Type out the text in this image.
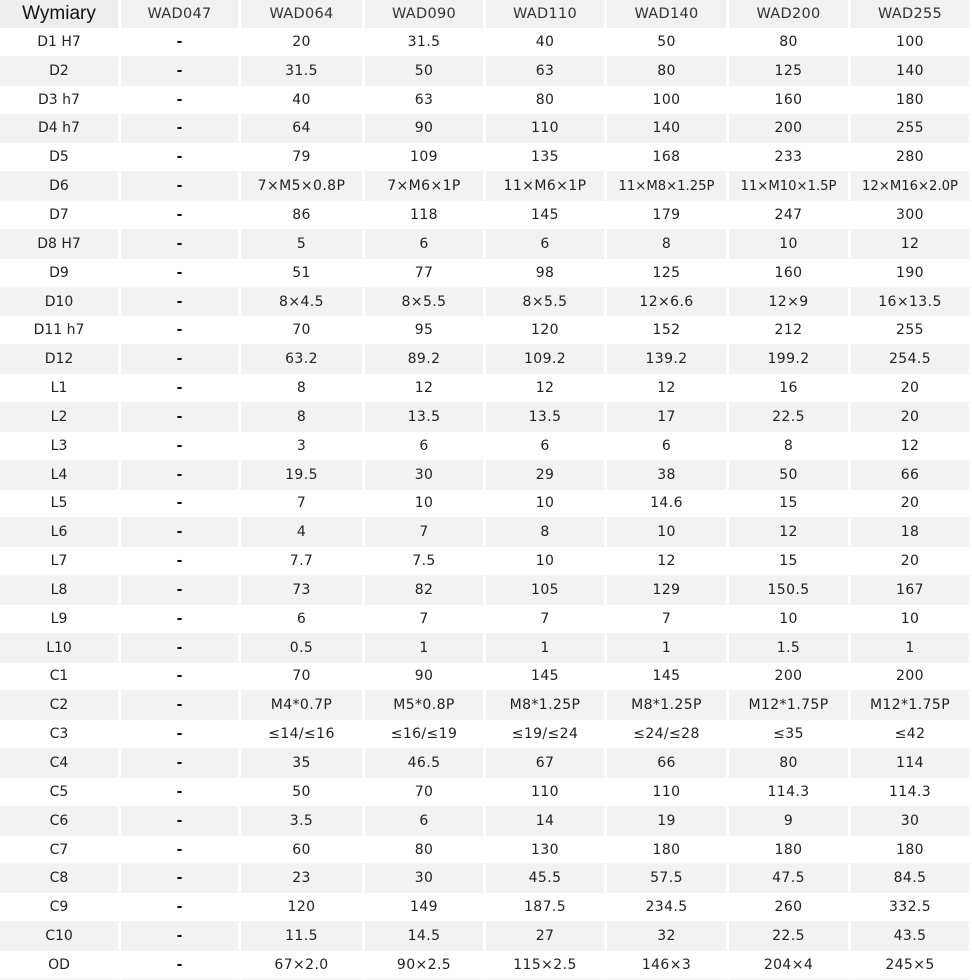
Wymiary	WAD047	WAD064	WAD090	WAD110	WAD140	WAD200	WAD255
D1 H7	-	20	31.5	40	50	80	100
D2	-	31.5	50	63	80	125	140
D3 h7	-	40	63	80	100	160	180
D4 h7	-	64	90	110	140	200	255
D5	-	79	109	135	168	233	280
D6	-	7×M5×0.8P	7×M6×1P	11×M6×1P	11×M8×1.25P	11×M10×1.5P	12×M16×2.0P
D7	-	86	118	145	179	247	300
D8 H7	-	5	6	6	8	10	12
D9	-	51	77	98	125	160	190
D10	-	8×4.5	8×5.5	8×5.5	12×6.6	12×9	16×13.5
D11 h7	-	70	95	120	152	212	255
D12	-	63.2	89.2	109.2	139.2	199.2	254.5
L1	-	8	12	12	12	16	20
L2	-	8	13.5	13.5	17	22.5	20
L3	-	3	6	6	6	8	12
L4	-	19.5	30	29	38	50	66
L5	-	7	10	10	14.6	15	20
L6	-	4	7	8	10	12	18
L7	-	7.7	7.5	10	12	15	20
L8	-	73	82	105	129	150.5	167
L9	-	6	7	7	7	10	10
L10	-	0.5	1	1	1	1.5	1
C1	-	70	90	145	145	200	200
C2	-	M4*0.7P	M5*0.8P	M8*1.25P	M8*1.25P	M12*1.75P	M12*1.75P
C3	-	≤14/≤16	≤16/≤19	≤19/≤24	≤24/≤28	≤35	≤42
C4	-	35	46.5	67	66	80	114
C5	-	50	70	110	110	114.3	114.3
C6	-	3.5	6	14	19	9	30
C7	-	60	80	130	180	180	180
C8	-	23	30	45.5	57.5	47.5	84.5
C9	-	120	149	187.5	234.5	260	332.5
C10	-	11.5	14.5	27	32	22.5	43.5
OD	-	67×2.0	90×2.5	115×2.5	146×3	204×4	245×5
